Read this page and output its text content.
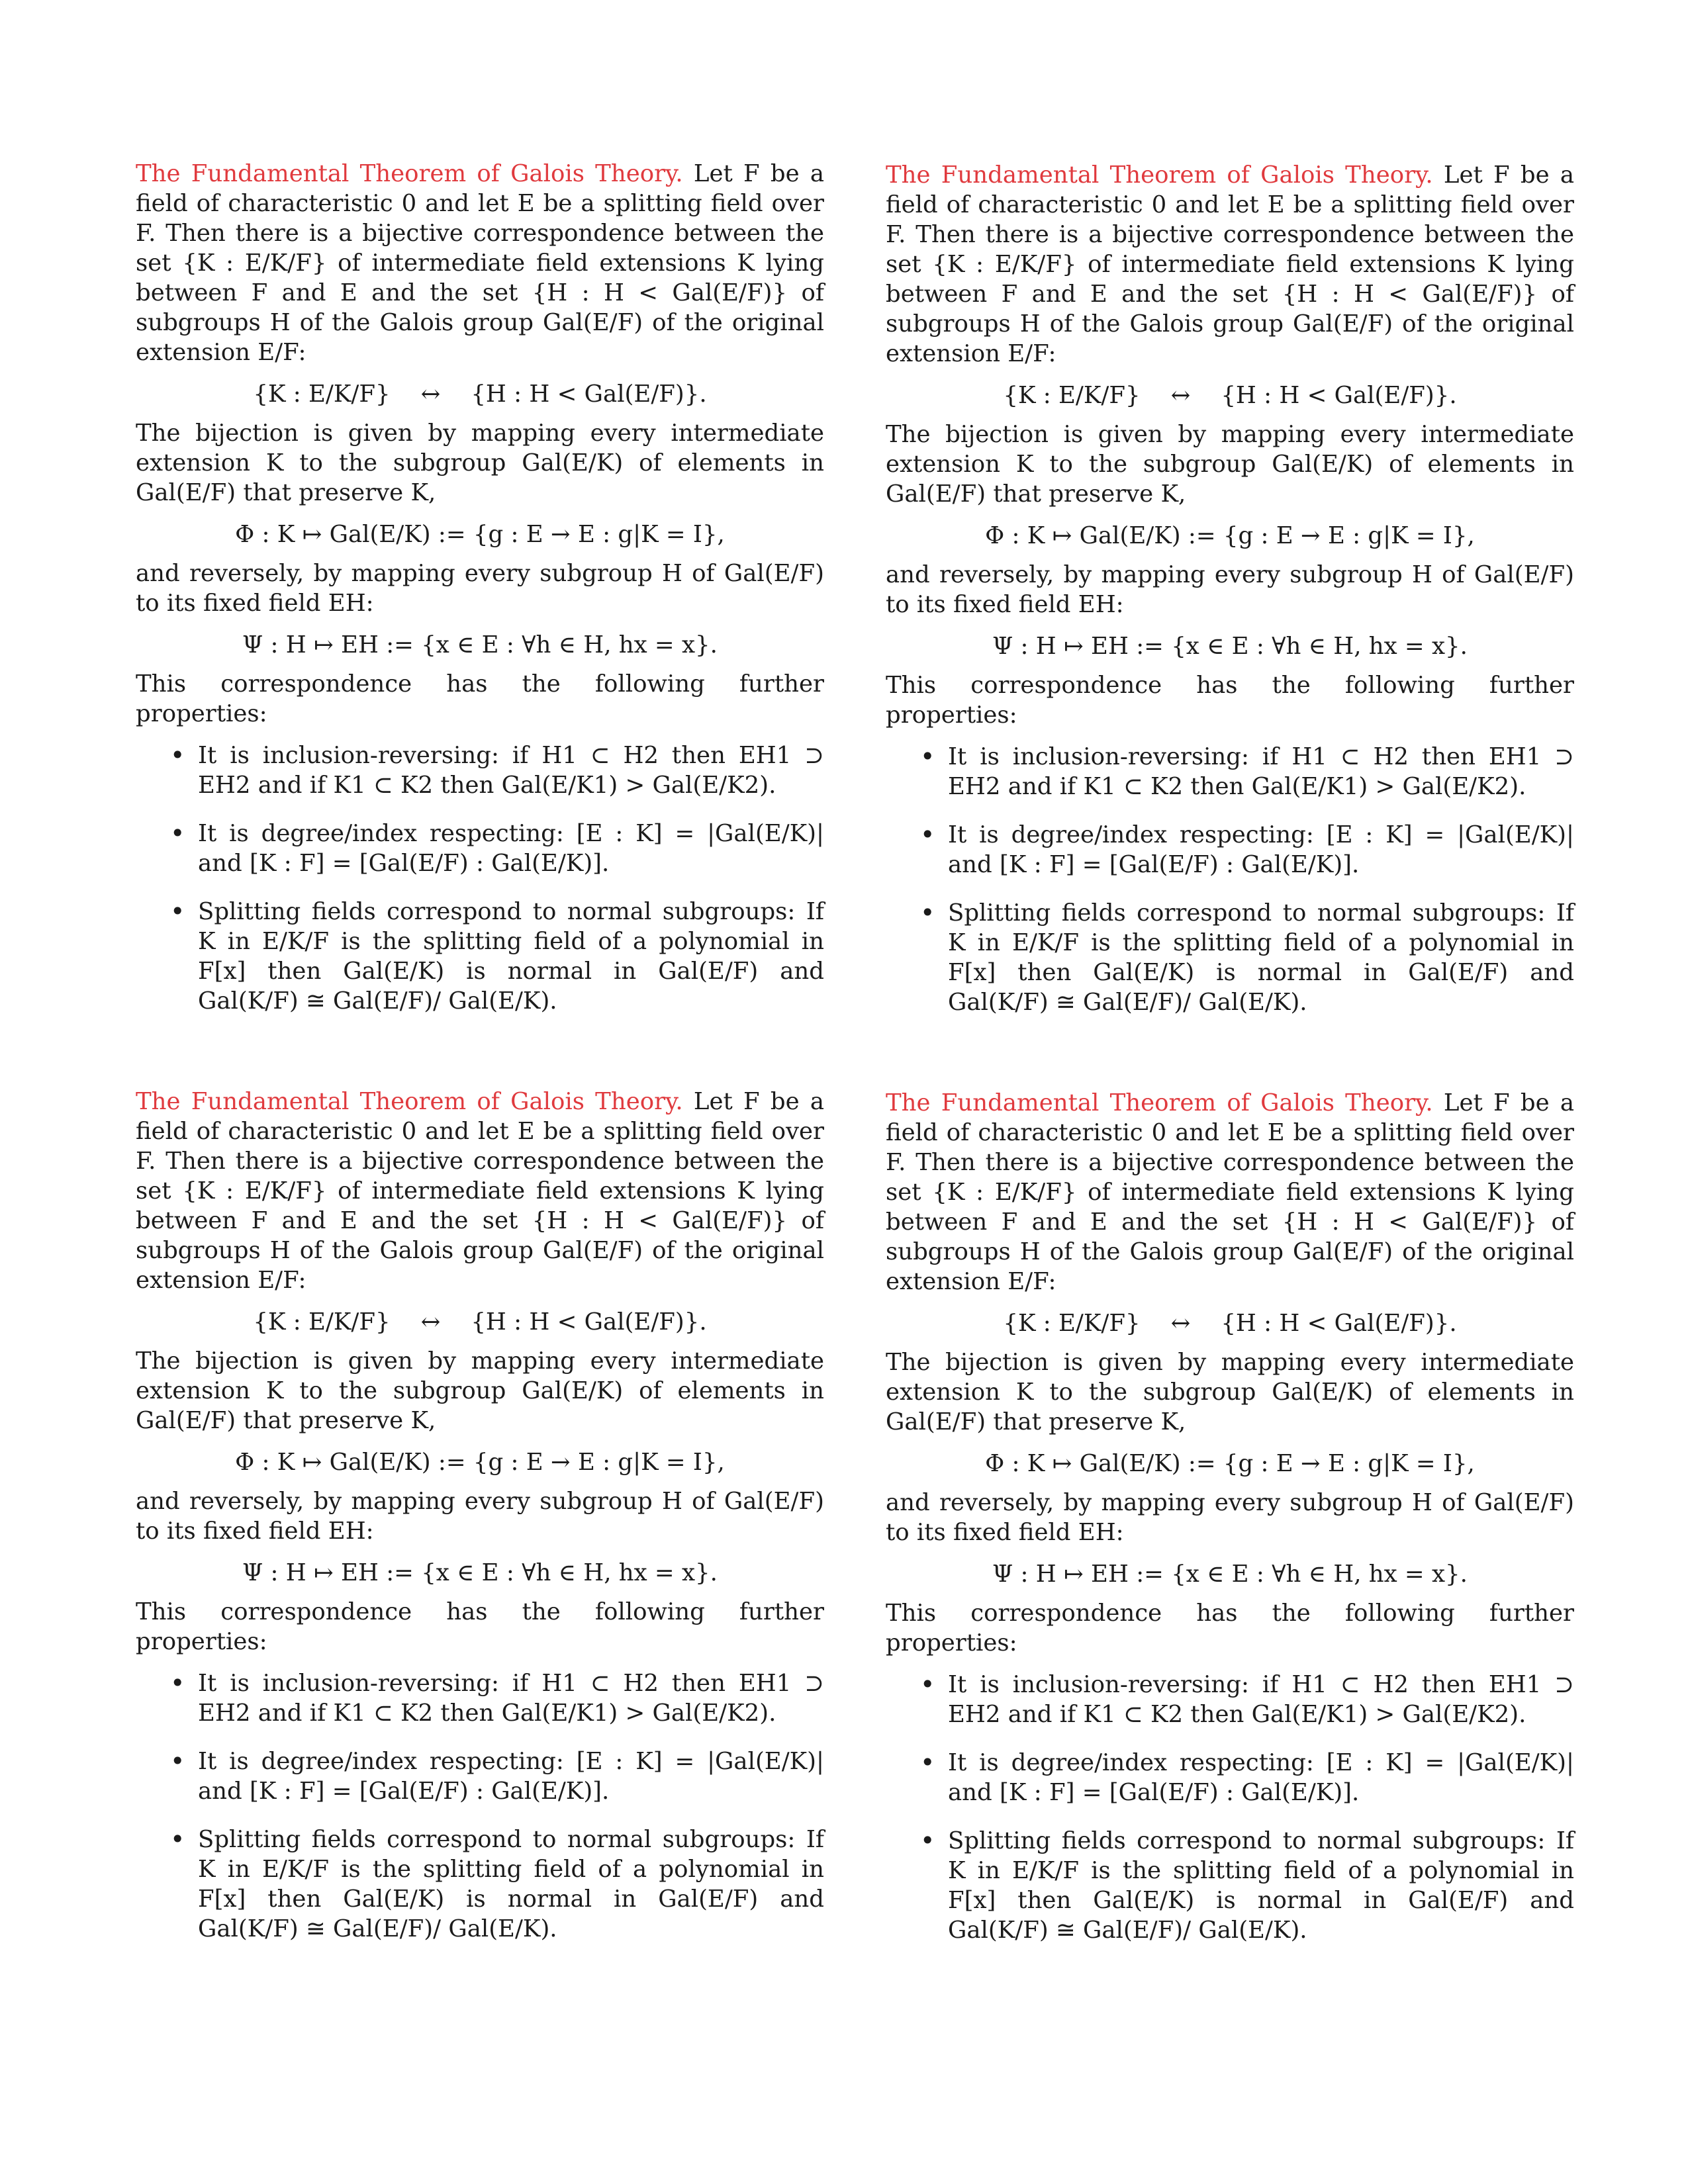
The Fundamental Theorem of Galois Theory. Let F be a field of characteristic 0 and let E be a splitting field over F. Then there is a bijective correspondence between the set {K : E/K/F} of intermediate field extensions K lying between F and E and the set {H : H < Gal(E/F)} of subgroups H of the Galois group Gal(E/F) of the original extension E/F:

{K : E/K/F} ↔ {H : H < Gal(E/F)}.

The bijection is given by mapping every intermediate extension K to the subgroup Gal(E/K) of elements in Gal(E/F) that preserve K,

Φ : K ↦ Gal(E/K) := {g : E → E : g|K = I},

and reversely, by mapping every subgroup H of Gal(E/F) to its fixed field EH:

Ψ : H ↦ EH := {x ∈ E : ∀h ∈ H, hx = x}.

This correspondence has the following further properties:

• It is inclusion-reversing: if H1 ⊂ H2 then EH1 ⊃ EH2 and if K1 ⊂ K2 then Gal(E/K1) > Gal(E/K2).
• It is degree/index respecting: [E : K] = |Gal(E/K)| and [K : F] = [Gal(E/F) : Gal(E/K)].
• Splitting fields correspond to normal subgroups: If K in E/K/F is the splitting field of a polynomial in F[x] then Gal(E/K) is normal in Gal(E/F) and Gal(K/F) ≅ Gal(E/F)/ Gal(E/K).

The Fundamental Theorem of Galois Theory. Let F be a field of characteristic 0 and let E be a splitting field over F. Then there is a bijective correspondence between the set {K : E/K/F} of intermediate field extensions K lying between F and E and the set {H : H < Gal(E/F)} of subgroups H of the Galois group Gal(E/F) of the original extension E/F:

{K : E/K/F} ↔ {H : H < Gal(E/F)}.

The bijection is given by mapping every intermediate extension K to the subgroup Gal(E/K) of elements in Gal(E/F) that preserve K,

Φ : K ↦ Gal(E/K) := {g : E → E : g|K = I},

and reversely, by mapping every subgroup H of Gal(E/F) to its fixed field EH:

Ψ : H ↦ EH := {x ∈ E : ∀h ∈ H, hx = x}.

This correspondence has the following further properties:

• It is inclusion-reversing: if H1 ⊂ H2 then EH1 ⊃ EH2 and if K1 ⊂ K2 then Gal(E/K1) > Gal(E/K2).
• It is degree/index respecting: [E : K] = |Gal(E/K)| and [K : F] = [Gal(E/F) : Gal(E/K)].
• Splitting fields correspond to normal subgroups: If K in E/K/F is the splitting field of a polynomial in F[x] then Gal(E/K) is normal in Gal(E/F) and Gal(K/F) ≅ Gal(E/F)/ Gal(E/K).

The Fundamental Theorem of Galois Theory. Let F be a field of characteristic 0 and let E be a splitting field over F. Then there is a bijective correspondence between the set {K : E/K/F} of intermediate field extensions K lying between F and E and the set {H : H < Gal(E/F)} of subgroups H of the Galois group Gal(E/F) of the original extension E/F:

{K : E/K/F} ↔ {H : H < Gal(E/F)}.

The bijection is given by mapping every intermediate extension K to the subgroup Gal(E/K) of elements in Gal(E/F) that preserve K,

Φ : K ↦ Gal(E/K) := {g : E → E : g|K = I},

and reversely, by mapping every subgroup H of Gal(E/F) to its fixed field EH:

Ψ : H ↦ EH := {x ∈ E : ∀h ∈ H, hx = x}.

This correspondence has the following further properties:

• It is inclusion-reversing: if H1 ⊂ H2 then EH1 ⊃ EH2 and if K1 ⊂ K2 then Gal(E/K1) > Gal(E/K2).
• It is degree/index respecting: [E : K] = |Gal(E/K)| and [K : F] = [Gal(E/F) : Gal(E/K)].
• Splitting fields correspond to normal subgroups: If K in E/K/F is the splitting field of a polynomial in F[x] then Gal(E/K) is normal in Gal(E/F) and Gal(K/F) ≅ Gal(E/F)/ Gal(E/K).

The Fundamental Theorem of Galois Theory. Let F be a field of characteristic 0 and let E be a splitting field over F. Then there is a bijective correspondence between the set {K : E/K/F} of intermediate field extensions K lying between F and E and the set {H : H < Gal(E/F)} of subgroups H of the Galois group Gal(E/F) of the original extension E/F:

{K : E/K/F} ↔ {H : H < Gal(E/F)}.

The bijection is given by mapping every intermediate extension K to the subgroup Gal(E/K) of elements in Gal(E/F) that preserve K,

Φ : K ↦ Gal(E/K) := {g : E → E : g|K = I},

and reversely, by mapping every subgroup H of Gal(E/F) to its fixed field EH:

Ψ : H ↦ EH := {x ∈ E : ∀h ∈ H, hx = x}.

This correspondence has the following further properties:

• It is inclusion-reversing: if H1 ⊂ H2 then EH1 ⊃ EH2 and if K1 ⊂ K2 then Gal(E/K1) > Gal(E/K2).
• It is degree/index respecting: [E : K] = |Gal(E/K)| and [K : F] = [Gal(E/F) : Gal(E/K)].
• Splitting fields correspond to normal subgroups: If K in E/K/F is the splitting field of a polynomial in F[x] then Gal(E/K) is normal in Gal(E/F) and Gal(K/F) ≅ Gal(E/F)/ Gal(E/K).
